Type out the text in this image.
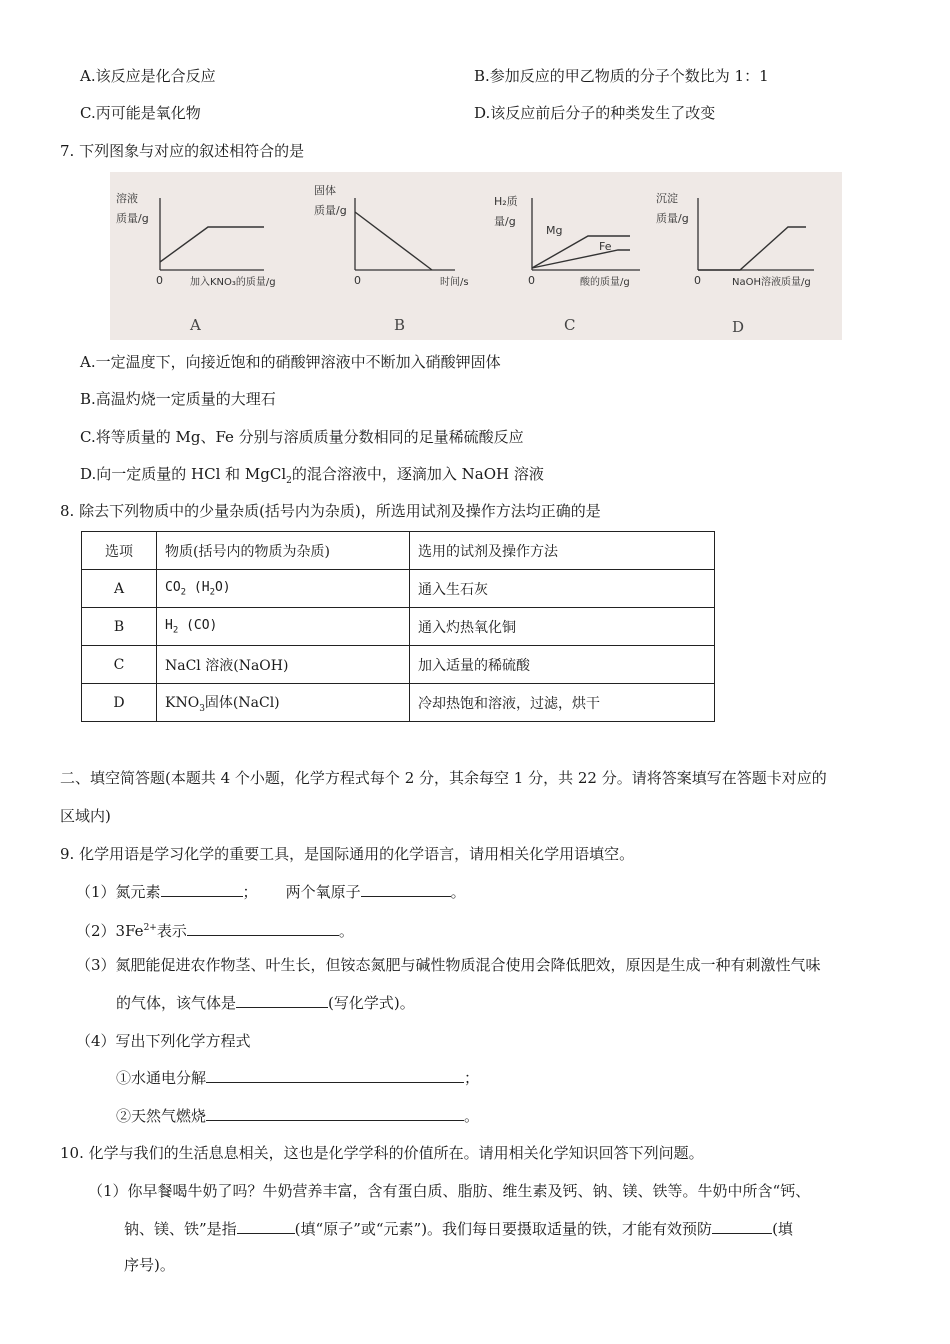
A.该反应是化合反应	B.参加反应的甲乙物质的分子个数比为 1：1
C.丙可能是氧化物	D.该反应前后分子的种类发生了改变
7. 下列图象与对应的叙述相符合的是
溶液
质量/g
0	加入KNO₃的质量/g
A
固体
质量/g
0	时间/s
B
H₂质
量/g
Mg
Fe
0	酸的质量/g
C
沉淀
质量/g
0	NaOH溶液质量/g
D
A.一定温度下，向接近饱和的硝酸钾溶液中不断加入硝酸钾固体
B.高温灼烧一定质量的大理石
C.将等质量的 Mg、Fe 分别与溶质质量分数相同的足量稀硫酸反应
D.向一定质量的 HCl 和 MgCl$_2$的混合溶液中，逐滴加入 NaOH 溶液
8. 除去下列物质中的少量杂质(括号内为杂质)，所选用试剂及操作方法均正确的是
选项	物质(括号内的物质为杂质)	选用的试剂及操作方法
A	$CO_2$ $(H_2O)$	通入生石灰
B	$H_2$ (CO)	通入灼热氧化铜
C	NaCl 溶液(NaOH)	加入适量的稀硫酸
D	$KNO_3$固体(NaCl)	冷却热饱和溶液，过滤，烘干
二、填空简答题(本题共 4 个小题，化学方程式每个 2 分，其余每空 1 分，共 22 分。请将答案填写在答题卡对应的
区域内)
9. 化学用语是学习化学的重要工具，是国际通用的化学语言，请用相关化学用语填空。
（1）氮元素	； 两个氧原子	。
$(2)3Fe^{2+}$表示	。
（3）氮肥能促进农作物茎、叶生长，但铵态氮肥与碱性物质混合使用会降低肥效，原因是生成一种有刺激性气味
的气体，该气体是	(写化学式)。
（4）写出下列化学方程式
①水通电分解	；
②天然气燃烧	。
10. 化学与我们的生活息息相关，这也是化学学科的价值所在。请用相关化学知识回答下列问题。
（1）你早餐喝牛奶了吗？牛奶营养丰富，含有蛋白质、脂肪、维生素及钙、钠、镁、铁等。牛奶中所含“钙、
钠、镁、铁”是指	(填“原子”或“元素”)。我们每日要摄取适量的铁，才能有效预防	(填
序号)。
